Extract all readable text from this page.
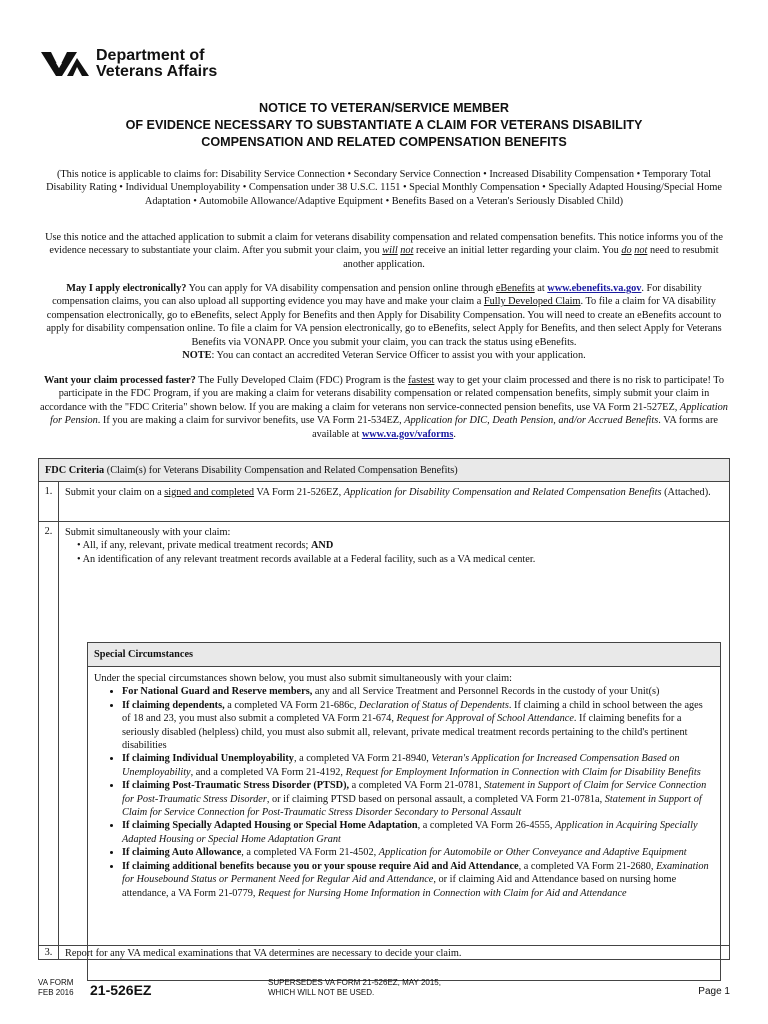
Department of
Veterans Affairs
NOTICE TO VETERAN/SERVICE MEMBER
OF EVIDENCE NECESSARY TO SUBSTANTIATE A CLAIM FOR VETERANS DISABILITY
COMPENSATION AND RELATED COMPENSATION BENEFITS
(This notice is applicable to claims for: Disability Service Connection • Secondary Service Connection • Increased Disability Compensation • Temporary Total Disability Rating • Individual Unemployability • Compensation under 38 U.S.C. 1151 • Special Monthly Compensation • Specially Adapted Housing/Special Home Adaptation • Automobile Allowance/Adaptive Equipment • Benefits Based on a Veteran's Seriously Disabled Child)
Use this notice and the attached application to submit a claim for veterans disability compensation and related compensation benefits. This notice informs you of the evidence necessary to substantiate your claim. After you submit your claim, you will not receive an initial letter regarding your claim. You do not need to resubmit another application.
May I apply electronically? You can apply for VA disability compensation and pension online through eBenefits at www.ebenefits.va.gov. For disability compensation claims, you can also upload all supporting evidence you may have and make your claim a Fully Developed Claim. To file a claim for VA disability compensation electronically, go to eBenefits, select Apply for Benefits and then Apply for Disability Compensation. You will need to create an eBenefits account to apply for disability compensation online. To file a claim for VA pension electronically, go to eBenefits, select Apply for Benefits, and then select Apply for Veterans Benefits via VONAPP. Once you submit your claim, you can track the status using eBenefits.
NOTE: You can contact an accredited Veteran Service Officer to assist you with your application.
Want your claim processed faster? The Fully Developed Claim (FDC) Program is the fastest way to get your claim processed and there is no risk to participate! To participate in the FDC Program, if you are making a claim for veterans disability compensation or related compensation benefits, simply submit your claim in accordance with the "FDC Criteria" shown below. If you are making a claim for veterans non service-connected pension benefits, use VA Form 21-527EZ, Application for Pension. If you are making a claim for survivor benefits, use VA Form 21-534EZ, Application for DIC, Death Pension, and/or Accrued Benefits. VA forms are available at www.va.gov/vaforms.
FDC Criteria (Claim(s) for Veterans Disability Compensation and Related Compensation Benefits)
1.	Submit your claim on a signed and completed VA Form 21-526EZ, Application for Disability Compensation and Related Compensation Benefits (Attached).
2.	Submit simultaneously with your claim:
• All, if any, relevant, private medical treatment records; AND
• An identification of any relevant treatment records available at a Federal facility, such as a VA medical center.
Special Circumstances
Under the special circumstances shown below, you must also submit simultaneously with your claim:
• For National Guard and Reserve members, any and all Service Treatment and Personnel Records in the custody of your Unit(s)
• If claiming dependents, a completed VA Form 21-686c, Declaration of Status of Dependents. If claiming a child in school between the ages of 18 and 23, you must also submit a completed VA Form 21-674, Request for Approval of School Attendance. If claiming benefits for a seriously disabled (helpless) child, you must also submit all, relevant, private medical treatment records pertaining to the child's pertinent disabilities
• If claiming Individual Unemployability, a completed VA Form 21-8940, Veteran's Application for Increased Compensation Based on Unemployability, and a completed VA Form 21-4192, Request for Employment Information in Connection with Claim for Disability Benefits
• If claiming Post-Traumatic Stress Disorder (PTSD), a completed VA Form 21-0781, Statement in Support of Claim for Service Connection for Post-Traumatic Stress Disorder, or if claiming PTSD based on personal assault, a completed VA Form 21-0781a, Statement in Support of Claim for Service Connection for Post-Traumatic Stress Disorder Secondary to Personal Assault
• If claiming Specially Adapted Housing or Special Home Adaptation, a completed VA Form 26-4555, Application in Acquiring Specially Adapted Housing or Special Home Adaptation Grant
• If claiming Auto Allowance, a completed VA Form 21-4502, Application for Automobile or Other Conveyance and Adaptive Equipment
• If claiming additional benefits because you or your spouse require Aid and Aid Attendance, a completed VA Form 21-2680, Examination for Housebound Status or Permanent Need for Regular Aid and Attendance, or if claiming Aid and Attendance based on nursing home attendance, a VA Form 21-0779, Request for Nursing Home Information in Connection with Claim for Aid and Attendance
3.	Report for any VA medical examinations that VA determines are necessary to decide your claim.
VA FORM
FEB 2016 21-526EZ	SUPERSEDES VA FORM 21-526EZ, MAY 2015,
WHICH WILL NOT BE USED.	Page 1
